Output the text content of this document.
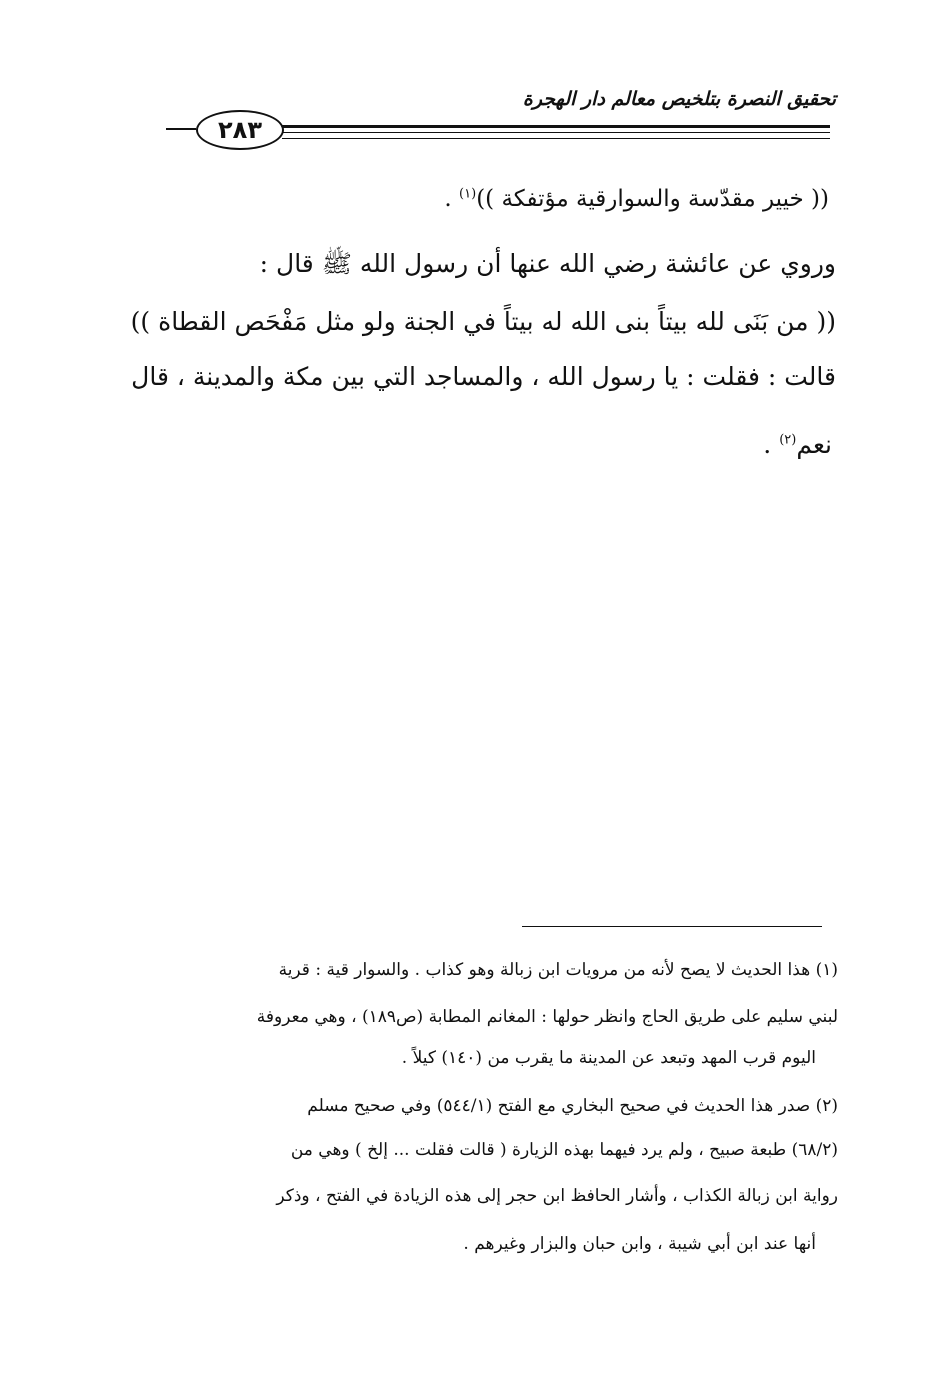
تحقيق النصرة بتلخيص معالم دار الهجرة
٢٨٣
(( خيير مقدّسة والسوارقية مؤتفكة ))$^{(١)}$ .
وروي عن عائشة رضي الله عنها أن رسول الله ﷺ قال :
(( من بَنَى لله بيتاً بنى الله له بيتاً في الجنة ولو مثل مَفْحَص القطاة ))
قالت : فقلت : يا رسول الله ، والمساجد التي بين مكة والمدينة ، قال
نعم$^{(٢)}$ .
(١) هذا الحديث لا يصح لأنه من مرويات ابن زبالة وهو كذاب . والسوار قية : قرية
لبني سليم على طريق الحاج وانظر حولها : المغانم المطابة (ص١٨٩) ، وهي معروفة
اليوم قرب المهد وتبعد عن المدينة ما يقرب من (١٤٠) كيلاً .
(٢) صدر هذا الحديث في صحيح البخاري مع الفتح (٥٤٤/١) وفي صحيح مسلم
(٦٨/٢) طبعة صبيح ، ولم يرد فيهما بهذه الزيارة ( قالت فقلت ... إلخ ) وهي من
رواية ابن زبالة الكذاب ، وأشار الحافظ ابن حجر إلى هذه الزيادة في الفتح ، وذكر
أنها عند ابن أبي شيبة ، وابن حبان والبزار وغيرهم .
